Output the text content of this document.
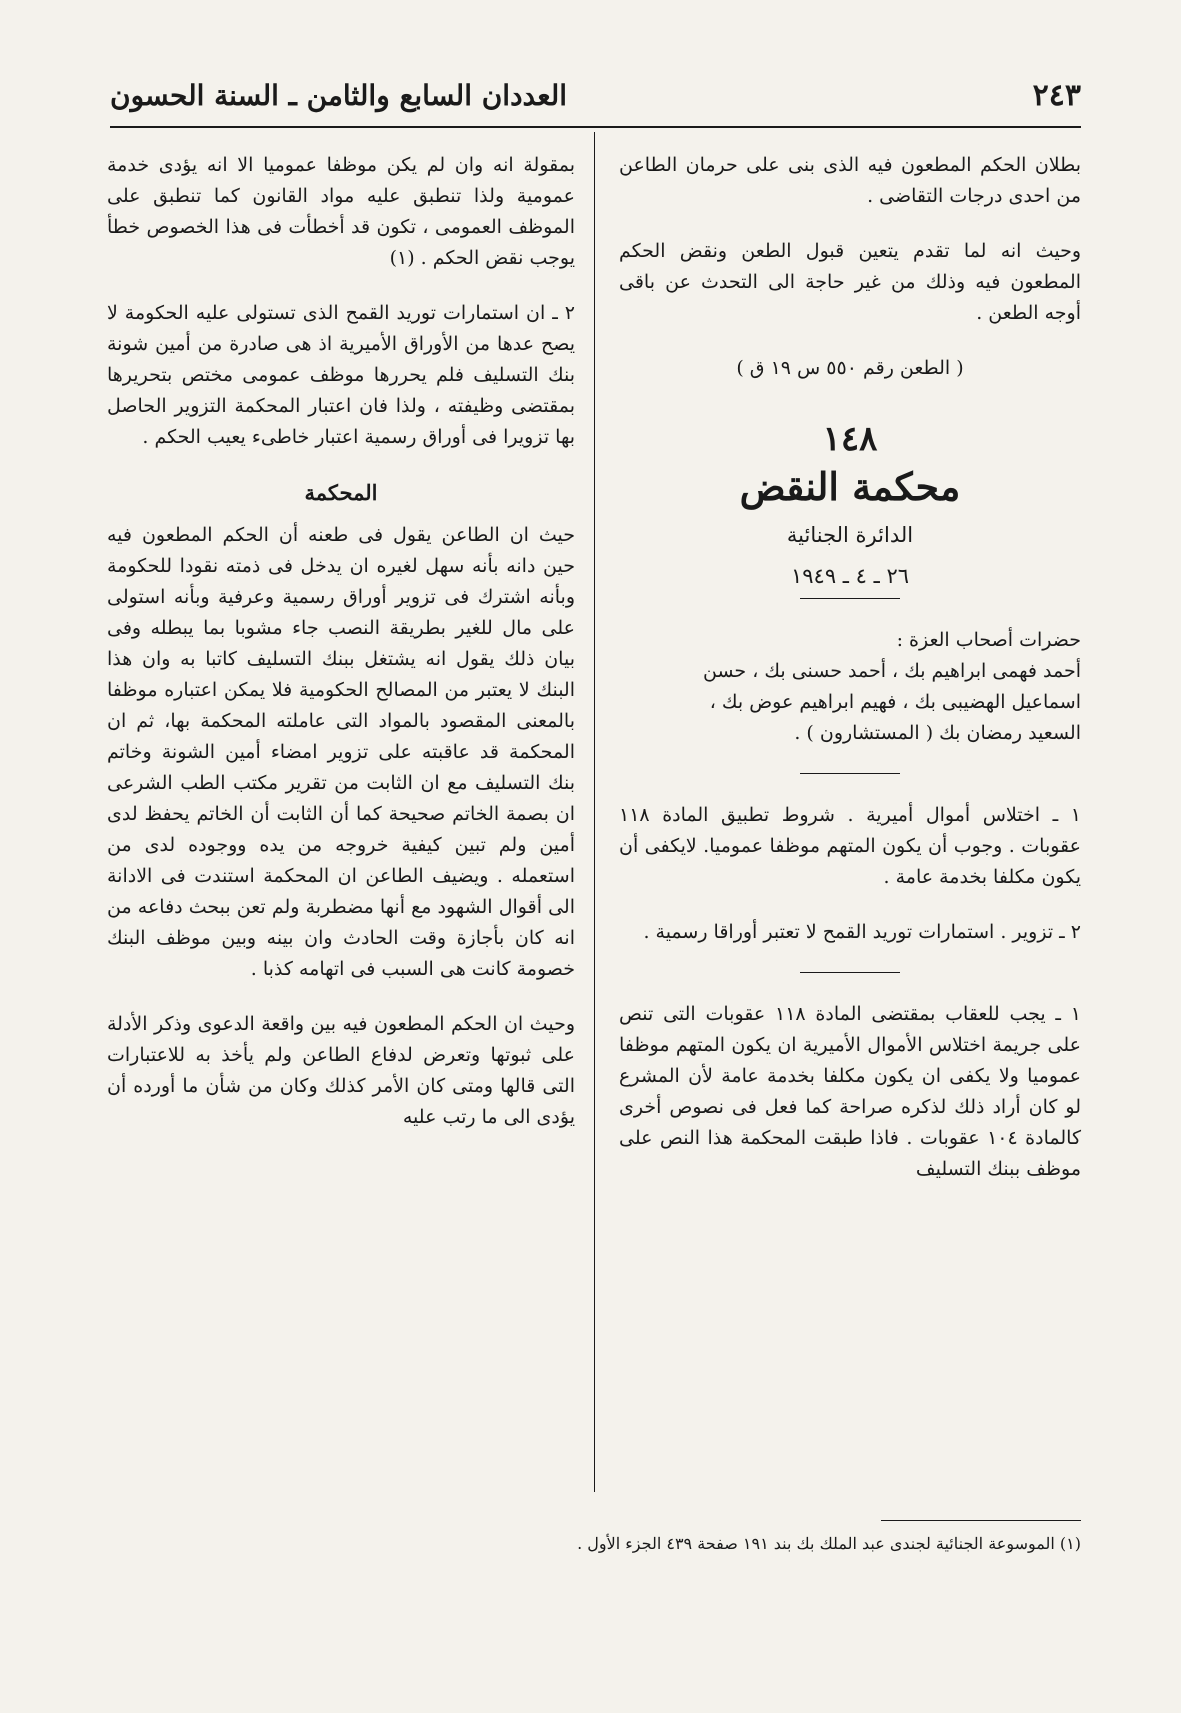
٢٤٣
العددان السابع والثامن ـ السنة الحسون

بطلان الحكم المطعون فيه الذى بنى على حرمان الطاعن من احدى درجات التقاضى .

وحيث انه لما تقدم يتعين قبول الطعن ونقض الحكم المطعون فيه وذلك من غير حاجة الى التحدث عن باقى أوجه الطعن .

( الطعن رقم ٥٥٠ س ١٩ ق )

١٤٨

محكمة النقض

الدائرة الجنائية

٢٦ ـ ٤ ـ ١٩٤٩

حضرات أصحاب العزة :

أحمد فهمى ابراهيم بك ، أحمد حسنى بك ، حسن

اسماعيل الهضيبى بك ، فهيم ابراهيم عوض بك ،

السعيد رمضان بك ( المستشارون ) .

١ ـ اختلاس أموال أميرية . شروط تطبيق المادة ١١٨ عقوبات . وجوب أن يكون المتهم موظفا عموميا. لايكفى أن يكون مكلفا بخدمة عامة .

٢ ـ تزوير . استمارات توريد القمح لا تعتبر أوراقا رسمية .

١ ـ يجب للعقاب بمقتضى المادة ١١٨ عقوبات التى تنص على جريمة اختلاس الأموال الأميرية ان يكون المتهم موظفا عموميا ولا يكفى ان يكون مكلفا بخدمة عامة لأن المشرع لو كان أراد ذلك لذكره صراحة كما فعل فى نصوص أخرى كالمادة ١٠٤ عقوبات . فاذا طبقت المحكمة هذا النص على موظف ببنك التسليف

بمقولة انه وان لم يكن موظفا عموميا الا انه يؤدى خدمة عمومية ولذا تنطبق عليه مواد القانون كما تنطبق على الموظف العمومى ، تكون قد أخطأت فى هذا الخصوص خطأ يوجب نقض الحكم . (١)

٢ ـ ان استمارات توريد القمح الذى تستولى عليه الحكومة لا يصح عدها من الأوراق الأميرية اذ هى صادرة من أمين شونة بنك التسليف فلم يحررها موظف عمومى مختص بتحريرها بمقتضى وظيفته ، ولذا فان اعتبار المحكمة التزوير الحاصل بها تزويرا فى أوراق رسمية اعتبار خاطىء يعيب الحكم .

المحكمة

حيث ان الطاعن يقول فى طعنه أن الحكم المطعون فيه حين دانه بأنه سهل لغيره ان يدخل فى ذمته نقودا للحكومة وبأنه اشترك فى تزوير أوراق رسمية وعرفية وبأنه استولى على مال للغير بطريقة النصب جاء مشوبا بما يبطله وفى بيان ذلك يقول انه يشتغل ببنك التسليف كاتبا به وان هذا البنك لا يعتبر من المصالح الحكومية فلا يمكن اعتباره موظفا بالمعنى المقصود بالمواد التى عاملته المحكمة بها، ثم ان المحكمة قد عاقبته على تزوير امضاء أمين الشونة وخاتم بنك التسليف مع ان الثابت من تقرير مكتب الطب الشرعى ان بصمة الخاتم صحيحة كما أن الثابت أن الخاتم يحفظ لدى أمين ولم تبين كيفية خروجه من يده ووجوده لدى من استعمله . ويضيف الطاعن ان المحكمة استندت فى الادانة الى أقوال الشهود مع أنها مضطربة ولم تعن ببحث دفاعه من انه كان بأجازة وقت الحادث وان بينه وبين موظف البنك خصومة كانت هى السبب فى اتهامه كذبا .

وحيث ان الحكم المطعون فيه بين واقعة الدعوى وذكر الأدلة على ثبوتها وتعرض لدفاع الطاعن ولم يأخذ به للاعتبارات التى قالها ومتى كان الأمر كذلك وكان من شأن ما أورده أن يؤدى الى ما رتب عليه

(١) الموسوعة الجنائية لجندى عبد الملك بك بند ١٩١ صفحة ٤٣٩ الجزء الأول .
